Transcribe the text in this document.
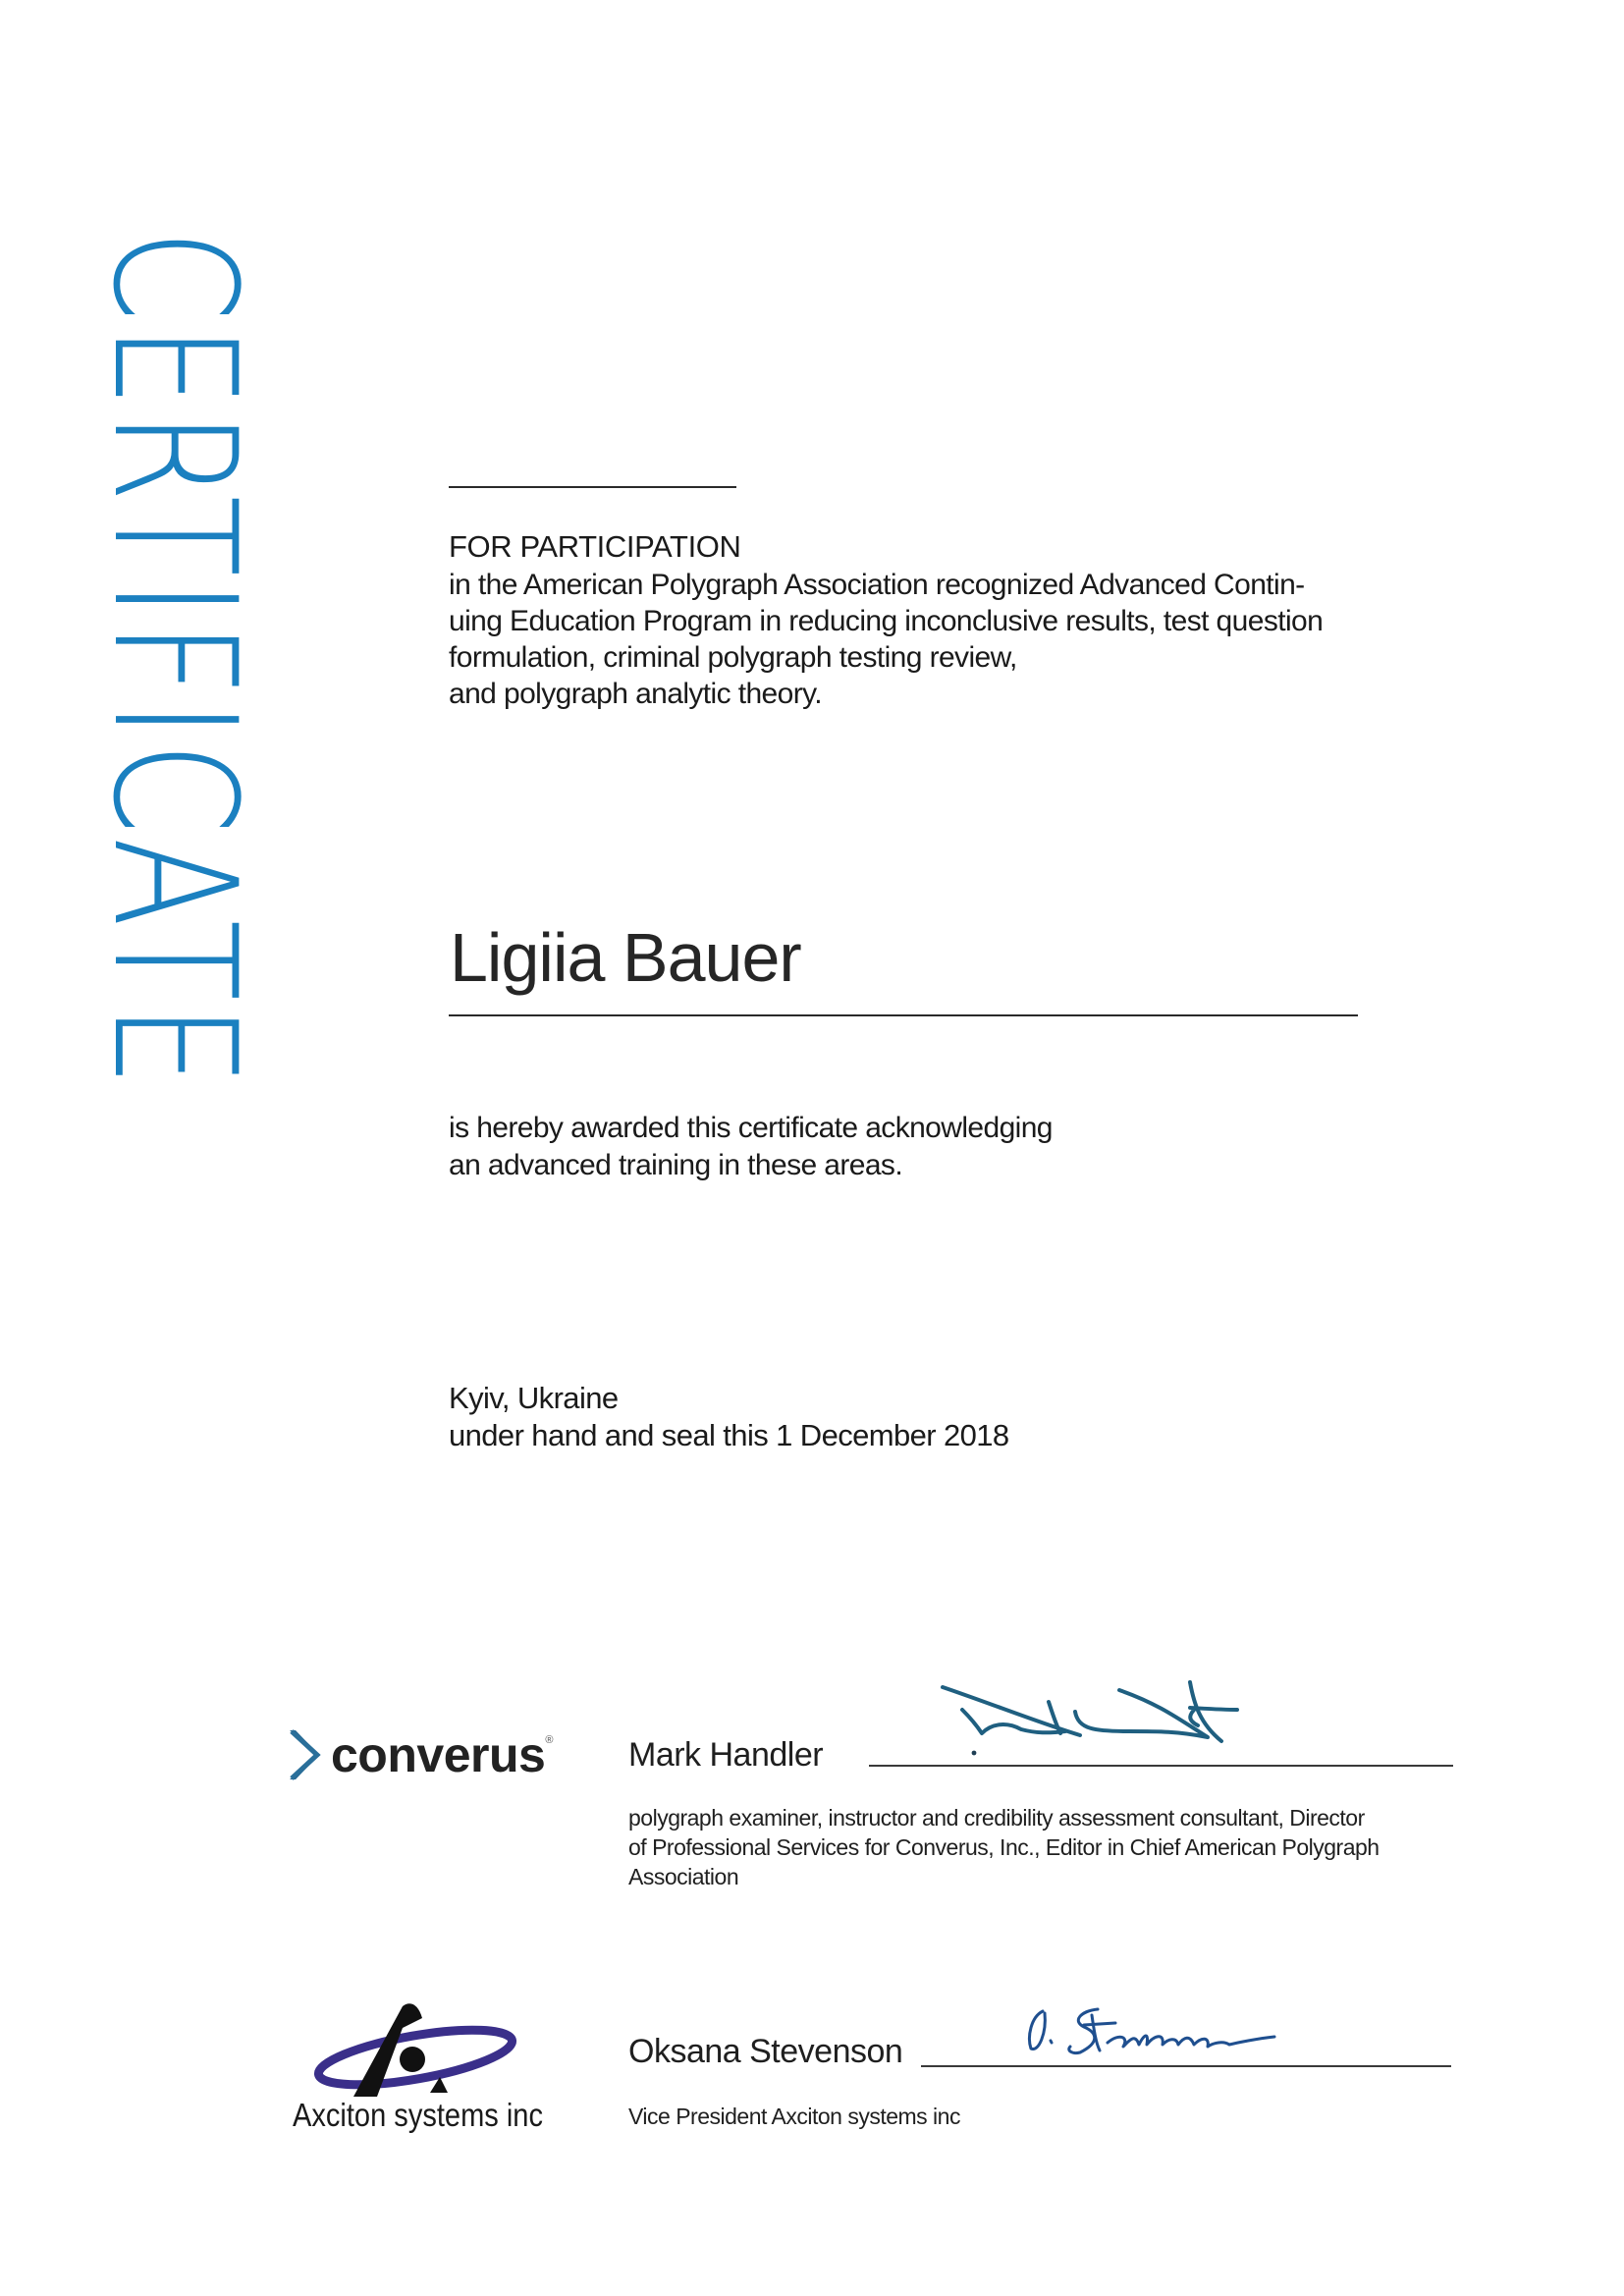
CERTIFICATE	FOR PARTICIPATION
in the American Polygraph Association recognized Advanced Contin-
uing Education Program in reducing inconclusive results, test question
formulation, criminal polygraph testing review,
and polygraph analytic theory.
Ligiia Bauer
is hereby awarded this certificate acknowledging
an advanced training in these areas.
Kyiv, Ukraine
under hand and seal this 1 December 2018
converus ® Mark Handler
polygraph examiner, instructor and credibility assessment consultant, Director
of Professional Services for Converus, Inc., Editor in Chief American Polygraph
Association
Axciton systems inc
Oksana Stevenson
Vice President Axciton systems inc
